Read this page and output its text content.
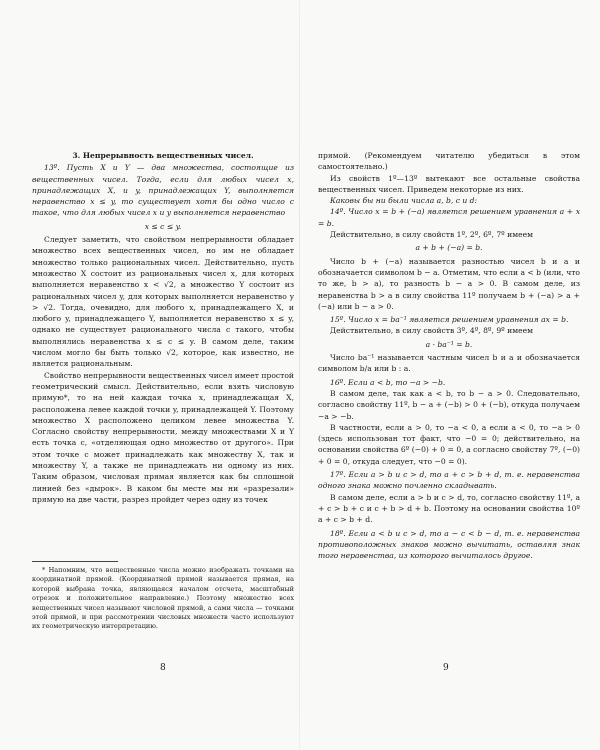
3. Непрерывность вещественных чисел.

13º. Пусть X и Y — два множества, состоящие из вещественных чисел. Тогда, если для любых чисел x, принадлежащих X, и y, принадлежащих Y, выполняется неравенство x ≤ y, то существует хотя бы одно число c такое, что для любых чисел x и y выполняется неравенство

x ≤ c ≤ y.

Следует заметить, что свойством непрерывности обладает множество всех вещественных чисел, но им не обладает множество только рациональных чисел. Действительно, пусть множество X состоит из рациональных чисел x, для которых выполняется неравенство x < √2, а множество Y состоит из рациональных чисел y, для которых выполняется неравенство y > √2. Тогда, очевидно, для любого x, принадлежащего X, и любого y, принадлежащего Y, выполняется неравенство x ≤ y, однако не существует рационального числа c такого, чтобы выполнялись неравенства x ≤ c ≤ y. В самом деле, таким числом могло бы быть только √2, которое, как известно, не является рациональным.

Свойство непрерывности вещественных чисел имеет простой геометрический смысл. Действительно, если взять числовую прямую*, то на ней каждая точка x, принадлежащая X, расположена левее каждой точки y, принадлежащей Y. Поэтому множество X расположено целиком левее множества Y. Согласно свойству непрерывности, между множествами X и Y есть точка c, «отделяющая одно множество от другого». При этом точке c может принадлежать как множеству X, так и множеству Y, а также не принадлежать ни одному из них. Таким образом, числовая прямая является как бы сплошной линией без «дырок». В каком бы месте мы ни «разрезали» прямую на две части, разрез пройдет через одну из точек

* Напомним, что вещественные числа можно изображать точками на координатной прямой. (Координатной прямой называется прямая, на которой выбрана точка, являющаяся началом отсчета, масштабный отрезок и положительное направление.) Поэтому множество всех вещественных чисел называют числовой прямой, а сами числа — точками этой прямой, и при рассмотрении числовых множеств часто используют их геометрическую интерпретацию.

8

прямой. (Рекомендуем читателю убедиться в этом самостоятельно.)

Из свойств 1º—13º вытекают все остальные свойства вещественных чисел. Приведем некоторые из них.

Каковы бы ни были числа a, b, c и d:

14º. Число x = b + (−a) является решением уравнения a + x = b.

Действительно, в силу свойств 1º, 2º, 6º, 7º имеем

a + b + (−a) = b.

Число b + (−a) называется разностью чисел b и a и обозначается символом b − a. Отметим, что если a < b (или, что то же, b > a), то разность b − a > 0. В самом деле, из неравенства b > a в силу свойства 11º получаем b + (−a) > a + (−a) или b − a > 0.

15º. Число x = ba⁻¹ является решением уравнения ax = b.

Действительно, в силу свойств 3º, 4º, 8º, 9º имеем

a · ba⁻¹ = b.

Число ba⁻¹ называется частным чисел b и a и обозначается символом b/a или b : a.

16º. Если a < b, то −a > −b.

В самом деле, так как a < b, то b − a > 0. Следовательно, согласно свойству 11º, b − a + (−b) > 0 + (−b), откуда получаем −a > −b.

В частности, если a > 0, то −a < 0, а если a < 0, то −a > 0 (здесь использован тот факт, что −0 = 0; действительно, на основании свойства 6º (−0) + 0 = 0, а согласно свойству 7º, (−0) + 0 = 0, откуда следует, что −0 = 0).

17º. Если a > b и c > d, то a + c > b + d, т. е. неравенства одного знака можно почленно складывать.

В самом деле, если a > b и c > d, то, согласно свойству 11º, a + c > b + c и c + b > d + b. Поэтому на основании свойства 10º a + c > b + d.

18º. Если a < b и c > d, то a − c < b − d, т. е. неравенства противоположных знаков можно вычитать, оставляя знак того неравенства, из которого вычиталось другое.

9
